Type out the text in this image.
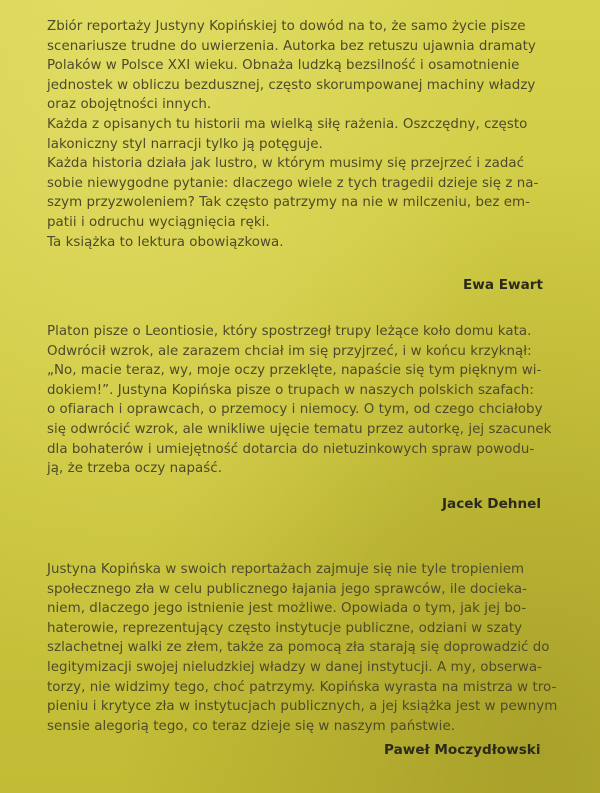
Zbiór reportaży Justyny Kopińskiej to dowód na to, że samo życie pisze
scenariusze trudne do uwierzenia. Autorka bez retuszu ujawnia dramaty
Polaków w Polsce XXI wieku. Obnaża ludzką bezsilność i osamotnienie
jednostek w obliczu bezdusznej, często skorumpowanej machiny władzy
oraz obojętności innych.
Każda z opisanych tu historii ma wielką siłę rażenia. Oszczędny, często
lakoniczny styl narracji tylko ją potęguje.
Każda historia działa jak lustro, w którym musimy się przejrzeć i zadać
sobie niewygodne pytanie: dlaczego wiele z tych tragedii dzieje się z na-
szym przyzwoleniem? Tak często patrzymy na nie w milczeniu, bez em-
patii i odruchu wyciągnięcia ręki.
Ta książka to lektura obowiązkowa.

Ewa Ewart

Platon pisze o Leontiosie, który spostrzegł trupy leżące koło domu kata.
Odwrócił wzrok, ale zarazem chciał im się przyjrzeć, i w końcu krzyknął:
„No, macie teraz, wy, moje oczy przeklęte, napaście się tym pięknym wi-
dokiem!”. Justyna Kopińska pisze o trupach w naszych polskich szafach:
o ofiarach i oprawcach, o przemocy i niemocy. O tym, od czego chciałoby
się odwrócić wzrok, ale wnikliwe ujęcie tematu przez autorkę, jej szacunek
dla bohaterów i umiejętność dotarcia do nietuzinkowych spraw powodu-
ją, że trzeba oczy napaść.

Jacek Dehnel

Justyna Kopińska w swoich reportażach zajmuje się nie tyle tropieniem
społecznego zła w celu publicznego łajania jego sprawców, ile docieka-
niem, dlaczego jego istnienie jest możliwe. Opowiada o tym, jak jej bo-
haterowie, reprezentujący często instytucje publiczne, odziani w szaty
szlachetnej walki ze złem, także za pomocą zła starają się doprowadzić do
legitymizacji swojej nieludzkiej władzy w danej instytucji. A my, obserwa-
torzy, nie widzimy tego, choć patrzymy. Kopińska wyrasta na mistrza w tro-
pieniu i krytyce zła w instytucjach publicznych, a jej książka jest w pewnym
sensie alegorią tego, co teraz dzieje się w naszym państwie.

Paweł Moczydłowski
